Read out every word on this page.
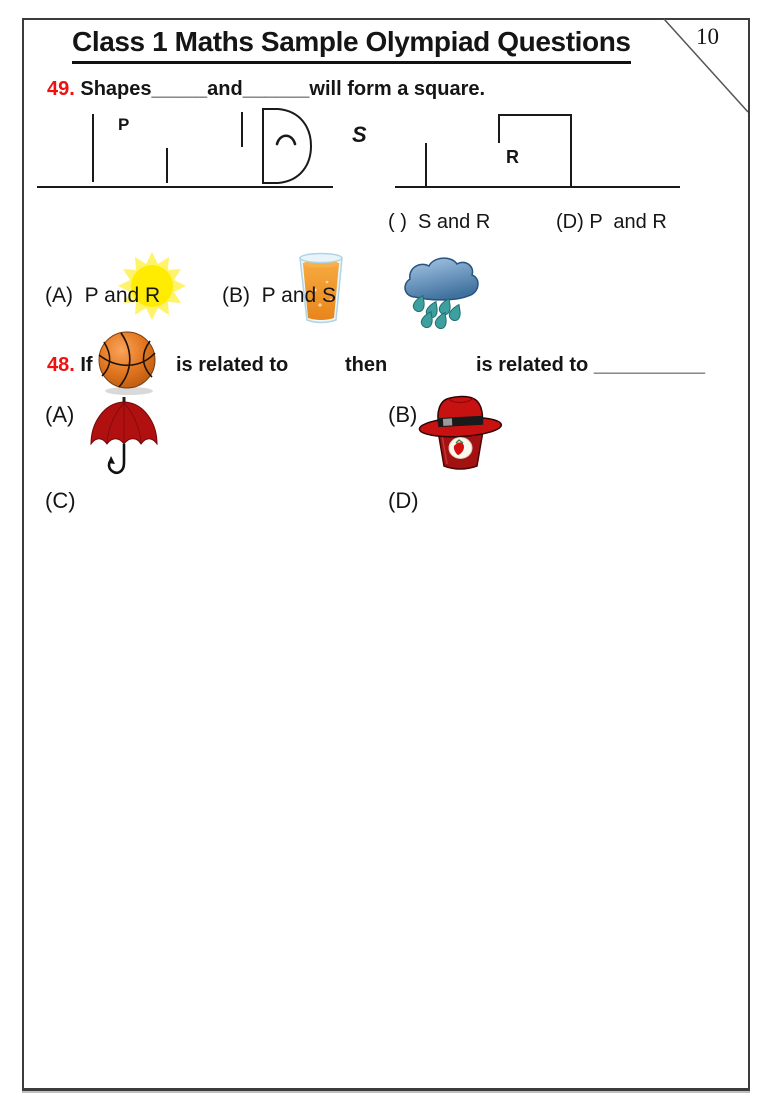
Class 1 Maths Sample Olympiad Questions	10
49. Shapes_____and______will form a square.
P	S
R
( ) S and R	(D) P  and R
(A) P and R	(B) P and S
48. If	is related to	then	is related to __________
(A)	(B)
(C)	(D)
